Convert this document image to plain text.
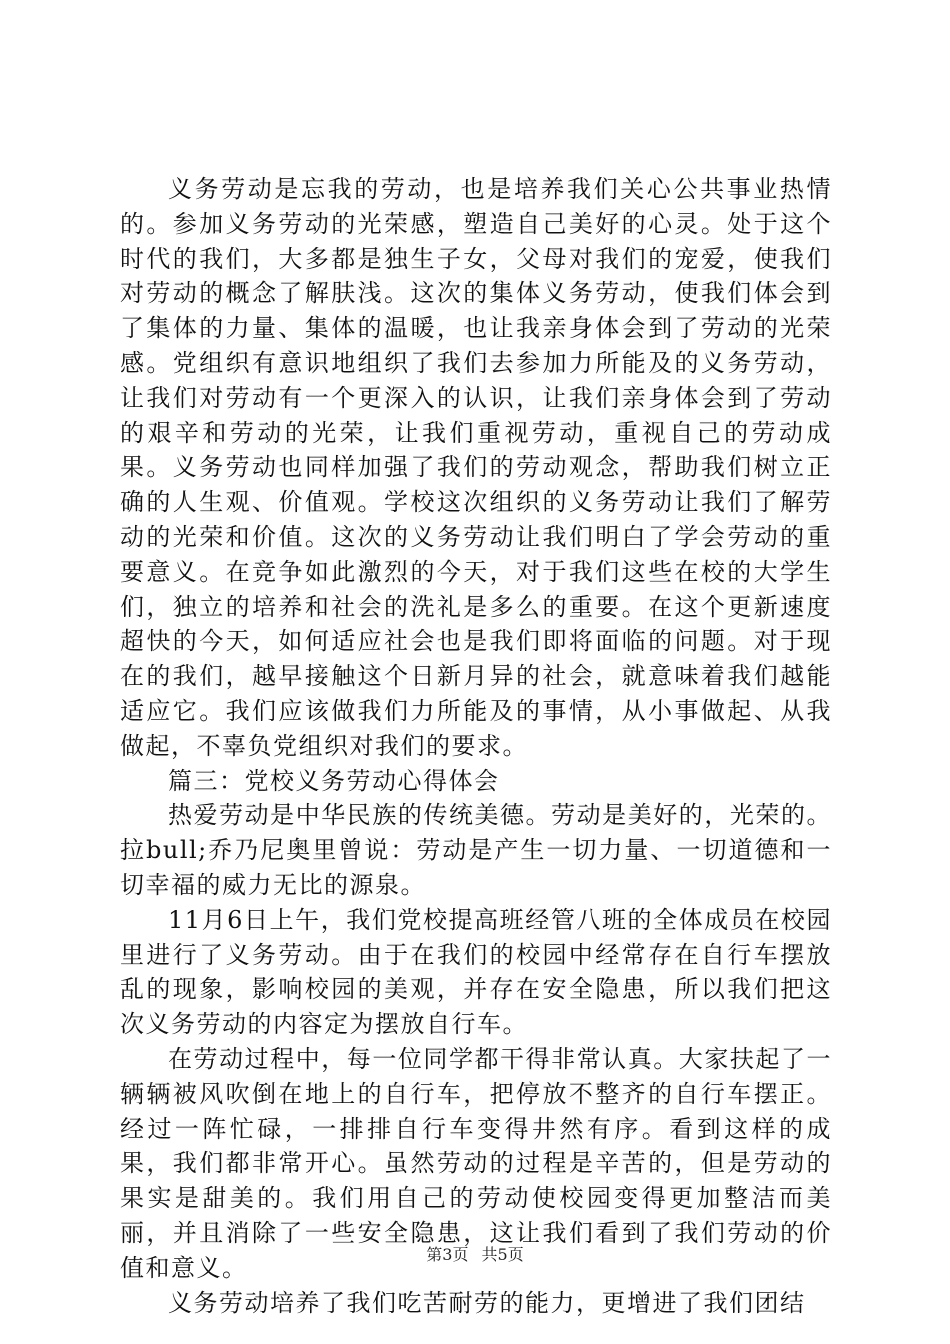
义务劳动是忘我的劳动，也是培养我们关心公共事业热情的。参加义务劳动的光荣感，塑造自己美好的心灵。处于这个时代的我们，大多都是独生子女，父母对我们的宠爱，使我们对劳动的概念了解肤浅。这次的集体义务劳动，使我们体会到了集体的力量、集体的温暖，也让我亲身体会到了劳动的光荣感。党组织有意识地组织了我们去参加力所能及的义务劳动，让我们对劳动有一个更深入的认识，让我们亲身体会到了劳动的艰辛和劳动的光荣，让我们重视劳动，重视自己的劳动成果。义务劳动也同样加强了我们的劳动观念，帮助我们树立正确的人生观、价值观。学校这次组织的义务劳动让我们了解劳动的光荣和价值。这次的义务劳动让我们明白了学会劳动的重要意义。在竞争如此激烈的今天，对于我们这些在校的大学生们，独立的培养和社会的洗礼是多么的重要。在这个更新速度超快的今天，如何适应社会也是我们即将面临的问题。对于现在的我们，越早接触这个日新月异的社会，就意味着我们越能适应它。我们应该做我们力所能及的事情，从小事做起、从我做起，不辜负党组织对我们的要求。

篇三：党校义务劳动心得体会

热爱劳动是中华民族的传统美德。劳动是美好的，光荣的。拉bull;乔乃尼奥里曾说：劳动是产生一切力量、一切道德和一切幸福的威力无比的源泉。

11月6日上午，我们党校提高班经管八班的全体成员在校园里进行了义务劳动。由于在我们的校园中经常存在自行车摆放乱的现象，影响校园的美观，并存在安全隐患，所以我们把这次义务劳动的内容定为摆放自行车。

在劳动过程中，每一位同学都干得非常认真。大家扶起了一辆辆被风吹倒在地上的自行车，把停放不整齐的自行车摆正。经过一阵忙碌，一排排自行车变得井然有序。看到这样的成果，我们都非常开心。虽然劳动的过程是辛苦的，但是劳动的果实是甜美的。我们用自己的劳动使校园变得更加整洁而美丽，并且消除了一些安全隐患，这让我们看到了我们劳动的价值和意义。

义务劳动培养了我们吃苦耐劳的能力，更增进了我们团结

第3页 共5页
